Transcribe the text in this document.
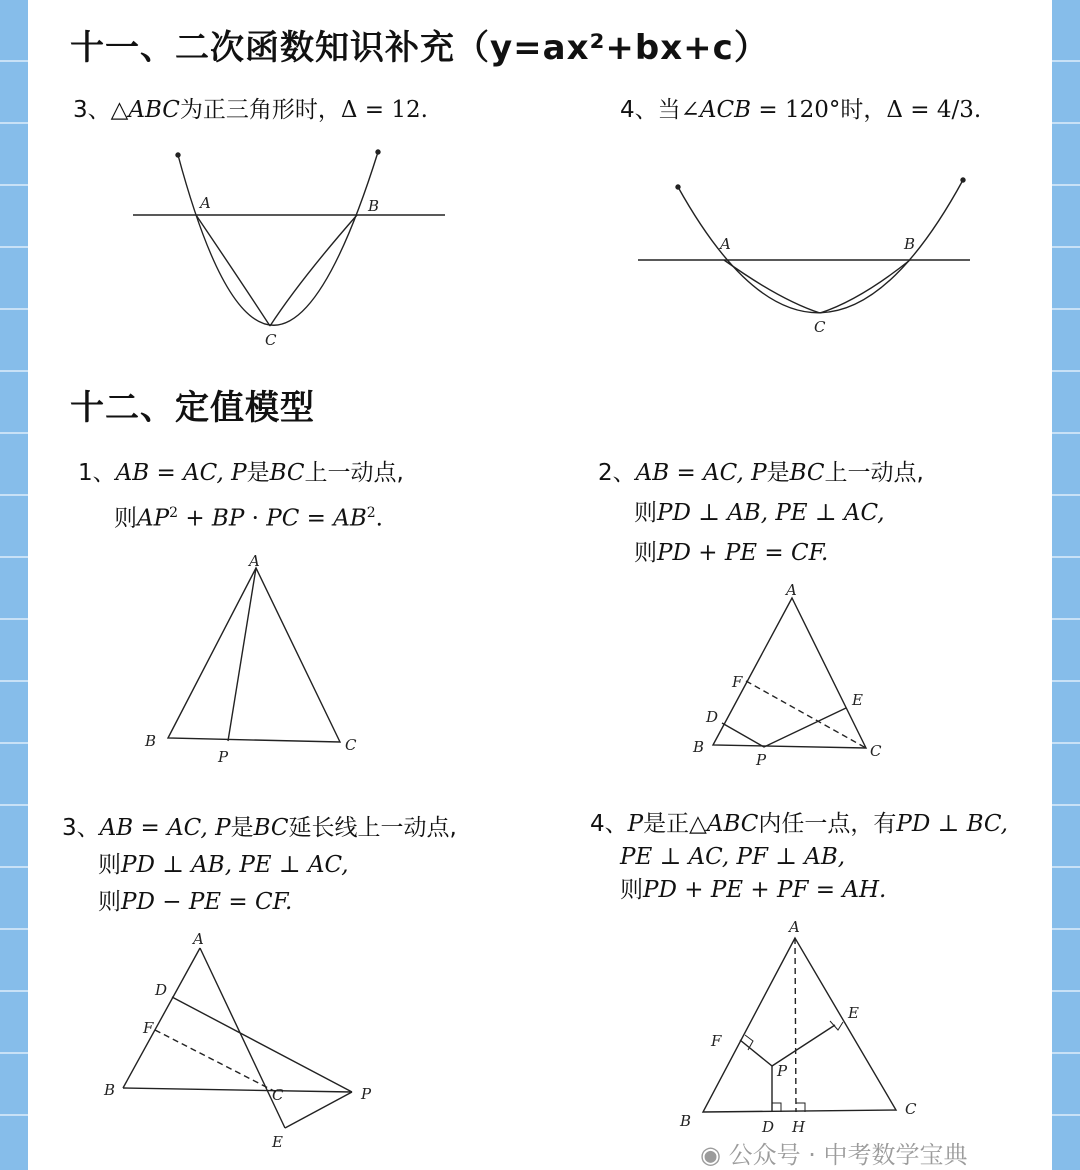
十一、二次函数知识补充（y=ax²+bx+c）
十二、定值模型
3、△ABC为正三角形时，Δ = 12.	4、当∠ACB = 120°时，Δ = 4/3.
1、AB = AC, P是BC上一动点,
则$AP^2$ + BP · PC = $AB^2$.
2、AB = AC, P是BC上一动点,
则PD ⊥ AB, PE ⊥ AC,
则PD + PE = CF.
3、AB = AC, P是BC延长线上一动点,
则PD ⊥ AB, PE ⊥ AC,
则PD − PE = CF.
4、P是正△ABC内任一点，有PD ⊥ BC,
PE ⊥ AC, PF ⊥ AB,
则PD + PE + PF = AH.
A	B
C
A	B
C
A
B	C
P
A
F
D
E
B	C
P
A
D
F
B	C	P
E
A
F
E
P
B
C
D H
◉ 公众号 · 中考数学宝典
